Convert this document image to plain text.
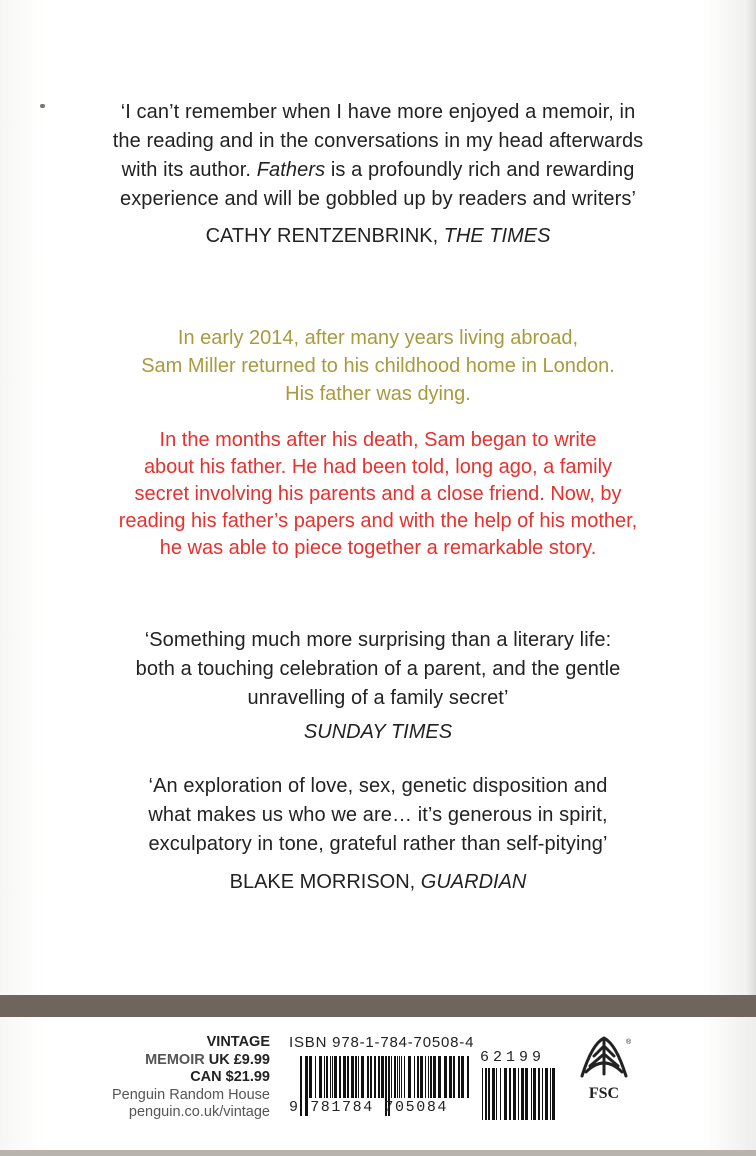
‘I can’t remember when I have more enjoyed a memoir, in
the reading and in the conversations in my head afterwards
with its author. Fathers is a profoundly rich and rewarding
experience and will be gobbled up by readers and writers’
CATHY RENTZENBRINK, THE TIMES
In early 2014, after many years living abroad,
Sam Miller returned to his childhood home in London.
His father was dying.
In the months after his death, Sam began to write
about his father. He had been told, long ago, a family
secret involving his parents and a close friend. Now, by
reading his father’s papers and with the help of his mother,
he was able to piece together a remarkable story.
‘Something much more surprising than a literary life:
both a touching celebration of a parent, and the gentle
unravelling of a family secret’
SUNDAY TIMES
‘An exploration of love, sex, genetic disposition and
what makes us who we are… it’s generous in spirit,
exculpatory in tone, grateful rather than self-pitying’
BLAKE MORRISON, GUARDIAN
VINTAGE
MEMOIR UK £9.99
CAN $21.99
Penguin Random House
penguin.co.uk/vintage
ISBN 978-1-784-70508-4
9 781784 705084
62199
®
FSC
